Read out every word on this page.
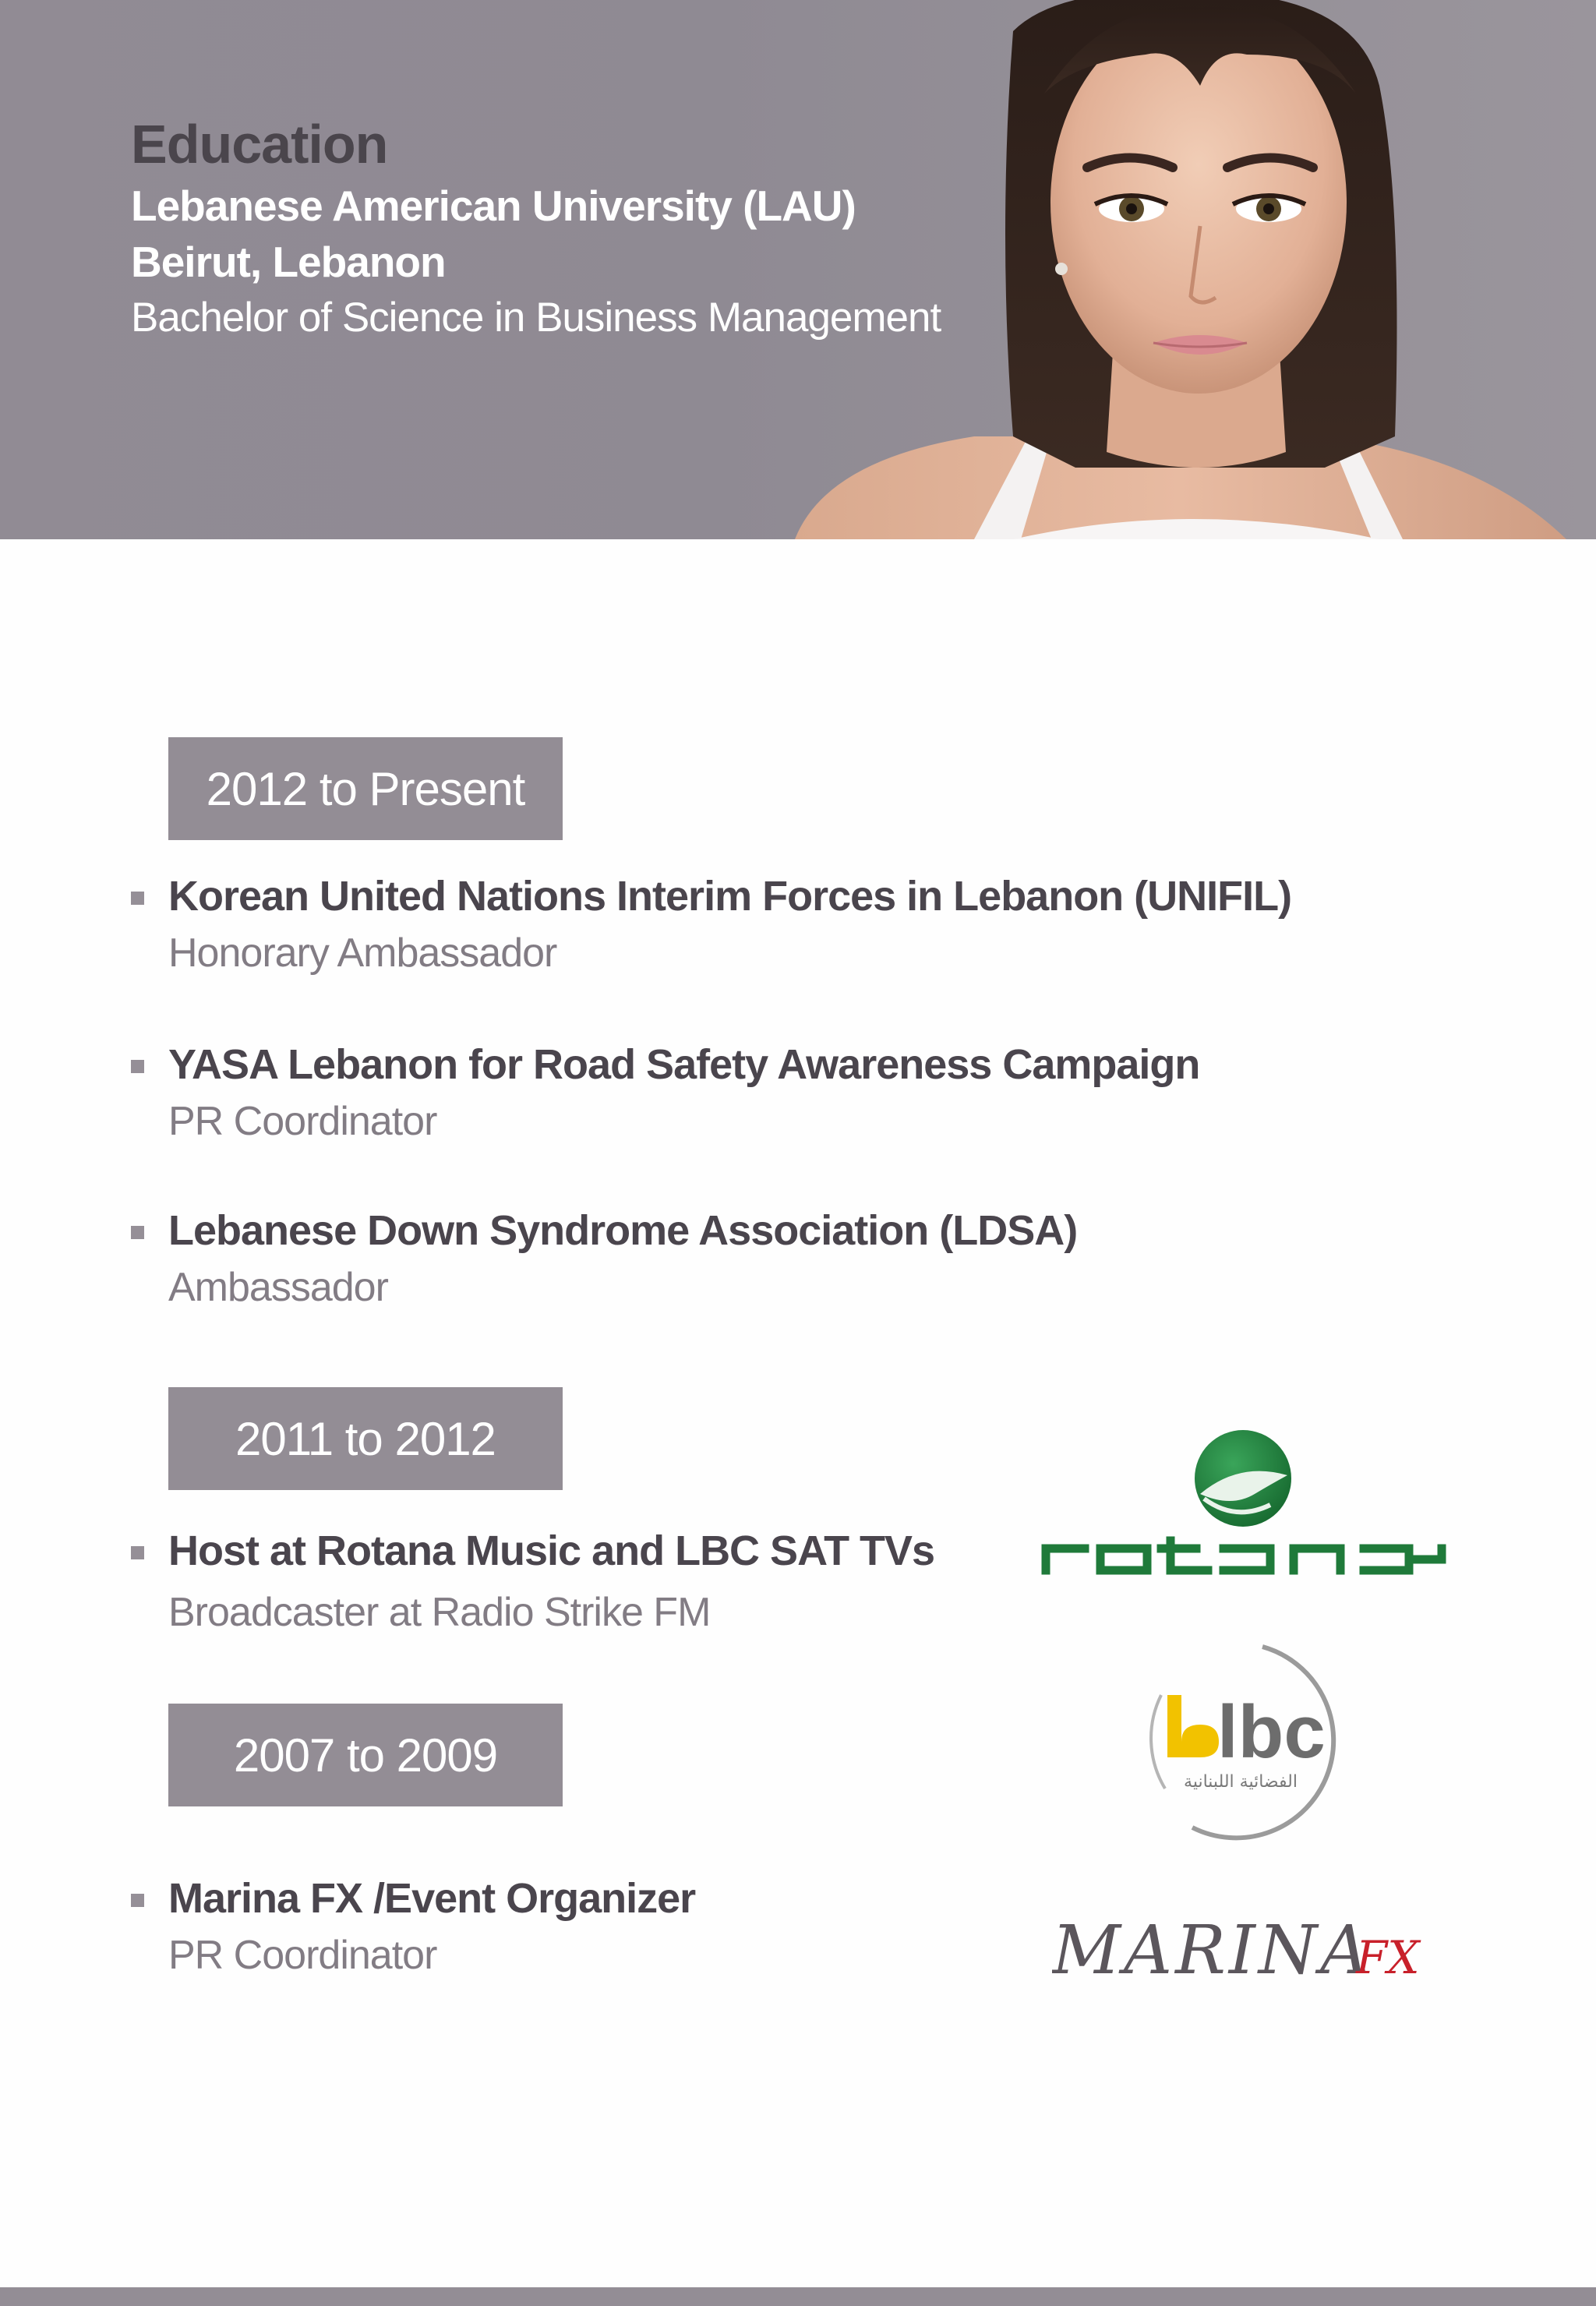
Education
Lebanese American University (LAU)
Beirut, Lebanon
Bachelor of Science in Business Management
2012 to Present
Korean United Nations Interim Forces in Lebanon (UNIFIL)
Honorary Ambassador
YASA Lebanon for Road Safety Awareness Campaign
PR Coordinator
Lebanese Down Syndrome Association (LDSA)
Ambassador
2011 to 2012
Host at Rotana Music and LBC SAT TVs
Broadcaster at Radio Strike FM
2007 to 2009
Marina FX /Event Organizer
PR Coordinator
lbc
الفضائية اللبنانية
MARINA
FX
